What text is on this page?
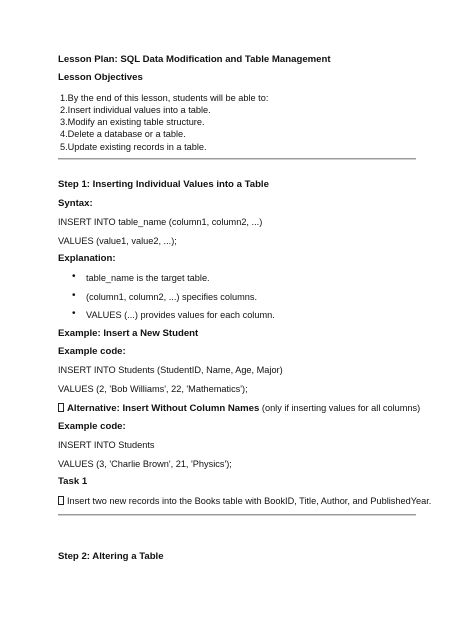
Lesson Plan: SQL Data Modification and Table Management
Lesson Objectives
1.By the end of this lesson, students will be able to:
2.Insert individual values into a table.
3.Modify an existing table structure.
4.Delete a database or a table.
5.Update existing records in a table.
Step 1: Inserting Individual Values into a Table
Syntax:
INSERT INTO table_name (column1, column2, ...)
VALUES (value1, value2, ...);
Explanation:
• table_name is the target table.
• (column1, column2, ...) specifies columns.
• VALUES (...) provides values for each column.
Example: Insert a New Student
Example code:
INSERT INTO Students (StudentID, Name, Age, Major)
VALUES (2, 'Bob Williams', 22, 'Mathematics');
Alternative: Insert Without Column Names (only if inserting values for all columns)
Example code:
INSERT INTO Students
VALUES (3, 'Charlie Brown', 21, 'Physics');
Task 1
Insert two new records into the Books table with BookID, Title, Author, and PublishedYear.
Step 2: Altering a Table
